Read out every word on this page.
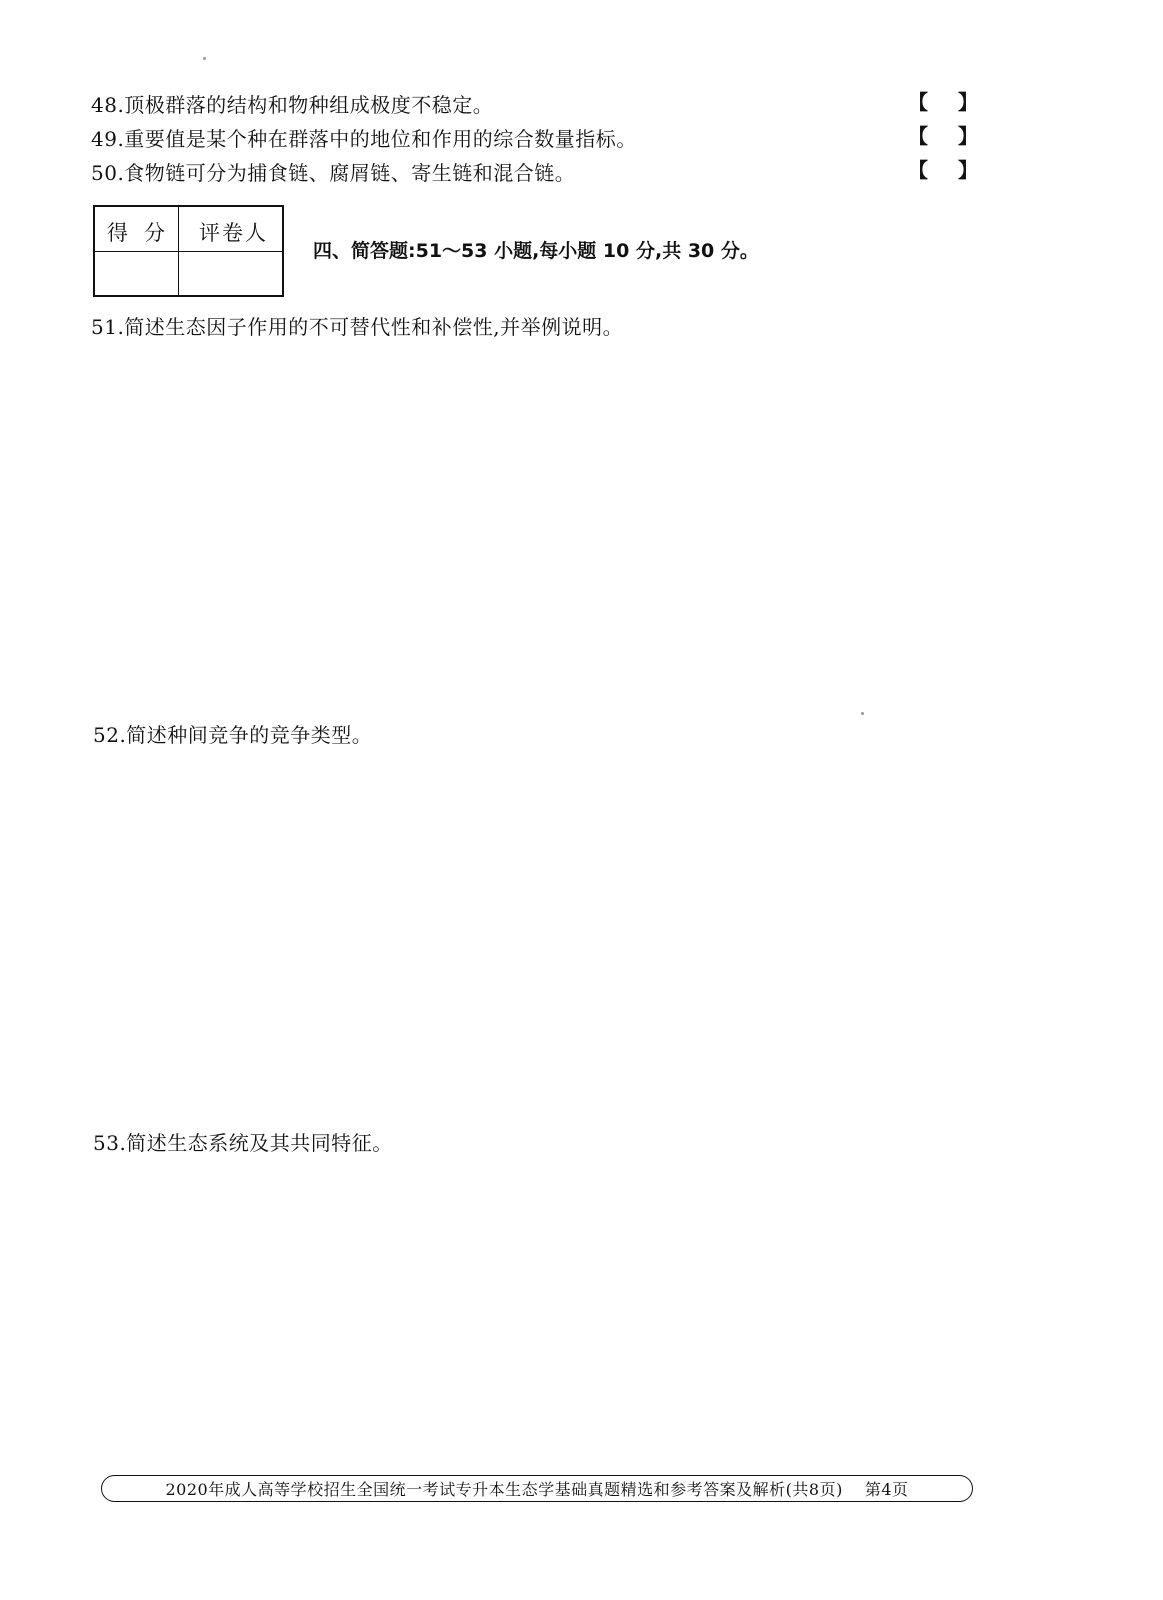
48.顶极群落的结构和物种组成极度不稳定。	【 】
49.重要值是某个种在群落中的地位和作用的综合数量指标。	【 】
50.食物链可分为捕食链、腐屑链、寄生链和混合链。	【 】
得分 评卷人
四、简答题:51～53 小题,每小题 10 分,共 30 分。
51.简述生态因子作用的不可替代性和补偿性,并举例说明。
52.简述种间竞争的竞争类型。
53.简述生态系统及其共同特征。
2020年成人高等学校招生全国统一考试专升本生态学基础真题精选和参考答案及解析(共8页) 第4页
